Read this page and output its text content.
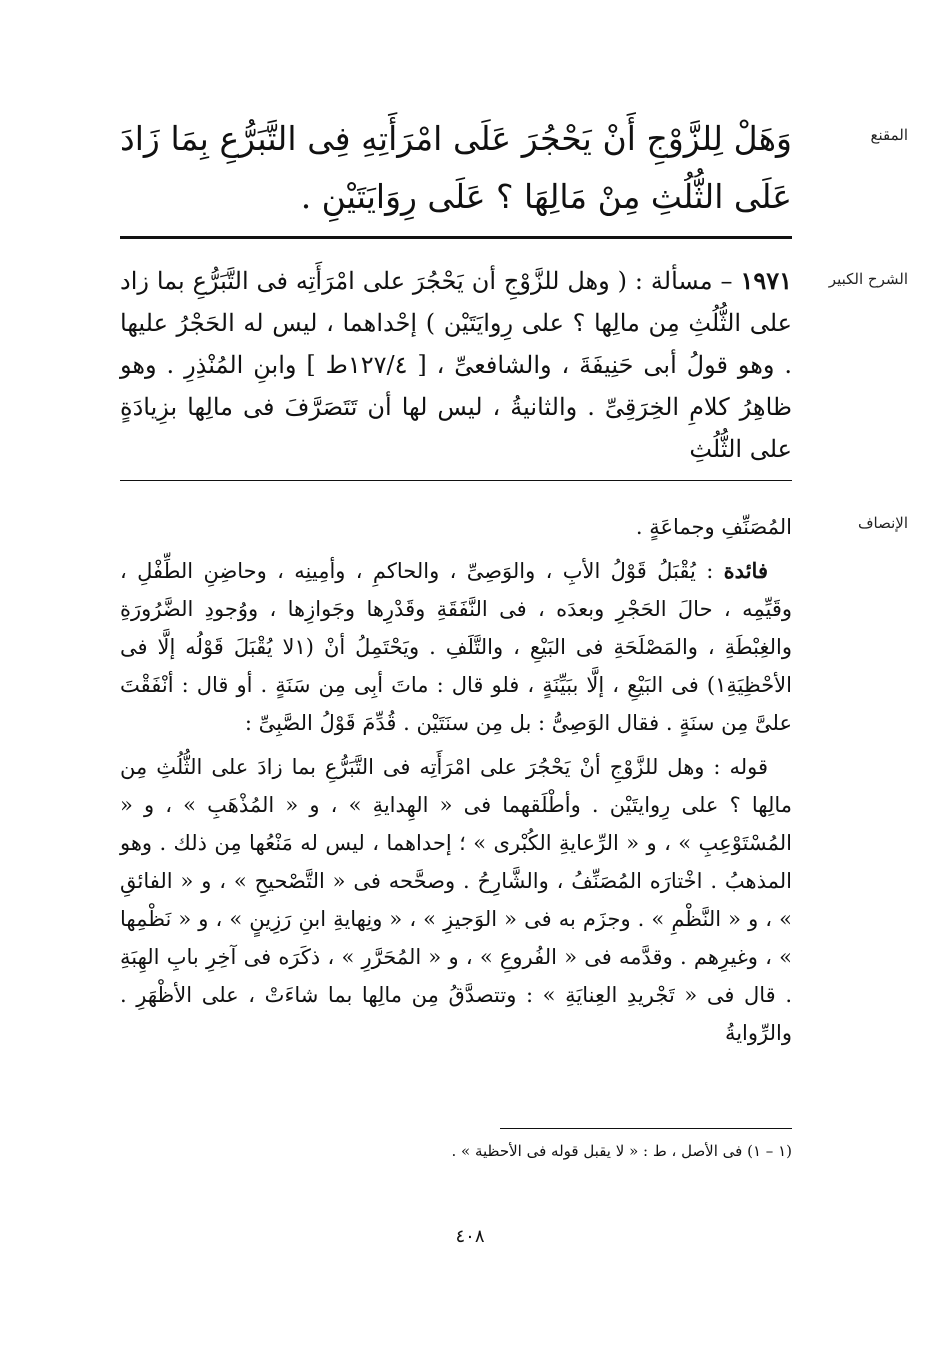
المقنع
وَهَلْ لِلزَّوْجِ أَنْ يَحْجُرَ عَلَى امْرَأَتِهِ فِى التَّبَرُّعِ بِمَا زَادَ عَلَى الثُّلُثِ مِنْ مَالِهَا ؟ عَلَى رِوَايَتَيْنِ .
الشرح الكبير
١٩٧١ – مسألة : ( وهل للزَّوْجِ أن يَحْجُرَ على امْرَأَتِه فى التَّبَرُّعِ بما زاد على الثُّلُثِ مِن مالِها ؟ على رِوايَتَيْن ) إحْداهما ، ليس له الحَجْرُ عليها . وهو قولُ أبى حَنِيفَةَ ، والشافعىِّ ، [ ١٢٧/٤ط ] وابنِ المُنْذِرِ . وهو ظاهِرُ كلامِ الخِرَقِىِّ . والثانيةُ ، ليس لها أن تَتَصَرَّفَ فى مالِها بزِيادَةٍ على الثُّلُثِ
الإنصاف

المُصَنِّفِ وجماعَةٍ .

فائدة : يُقْبَلُ قَوْلُ الأبِ ، والوَصِىِّ ، والحاكمِ ، وأمِينِه ، وحاضِنِ الطِّفْلِ ، وقَيِّمِه ، حالَ الحَجْرِ وبعدَه ، فى النَّفَقَةِ وقَدْرِها وجَوازِها ، ووُجودِ الضَّرُورَةِ والغِبْطَةِ ، والمَصْلَحَةِ فى البَيْعِ ، والتَّلَفِ . ويَحْتَمِلُ أنْ (١لا يُقْبَلَ قَوْلُه إلَّا فى الأحْظِيَةِ١) فى البَيْعِ ، إلَّا ببَيِّنَةٍ ، فلو قال : ماتَ أبِى مِن سَنَةٍ . أو قال : أنْفَقْتَ علىَّ مِن سنَةٍ . فقال الوَصِىُّ : بل مِن سنَتَيْن . قُدِّمَ قَوْلُ الصَّبِىِّ :

قوله : وهل للزَّوْجِ أنْ يَحْجُرَ على امْرَأَتِه فى التَّبَرُّعِ بما زادَ على الثُّلُثِ مِن مالِها ؟ على رِوايتَيْن . وأطْلَقهما فى « الهِدايةِ » ، و « المُذْهَبِ » ، و « المُسْتَوْعِبِ » ، و « الرِّعايةِ الكُبْرى » ؛ إحداهما ، ليس له مَنْعُها مِن ذلك . وهو المذهبُ . اخْتارَه المُصَنِّفُ ، والشَّارِحُ . وصحَّحه فى « التَّصْحيحِ » ، و « الفائقِ » ، و « النَّظْمِ » . وجزَم به فى « الوَجيزِ » ، « ونِهايةِ ابنِ رَزِينٍ » ، و « نَظْمِها » ، وغيرِهم . وقدَّمه فى « الفُروعِ » ، و « المُحَرَّرِ » ، ذكَرَه فى آخِرِ بابِ الهِبَةِ . قال فى « تَجْريدِ العِنايَةِ » : وتتصدَّقُ مِن مالِها بما شاءَتْ ، على الأظْهَرِ . والرِّوايةُ

(١ – ١) فى الأصل ، ط : « لا يقبل قوله فى الأحظية » .
٤٠٨
